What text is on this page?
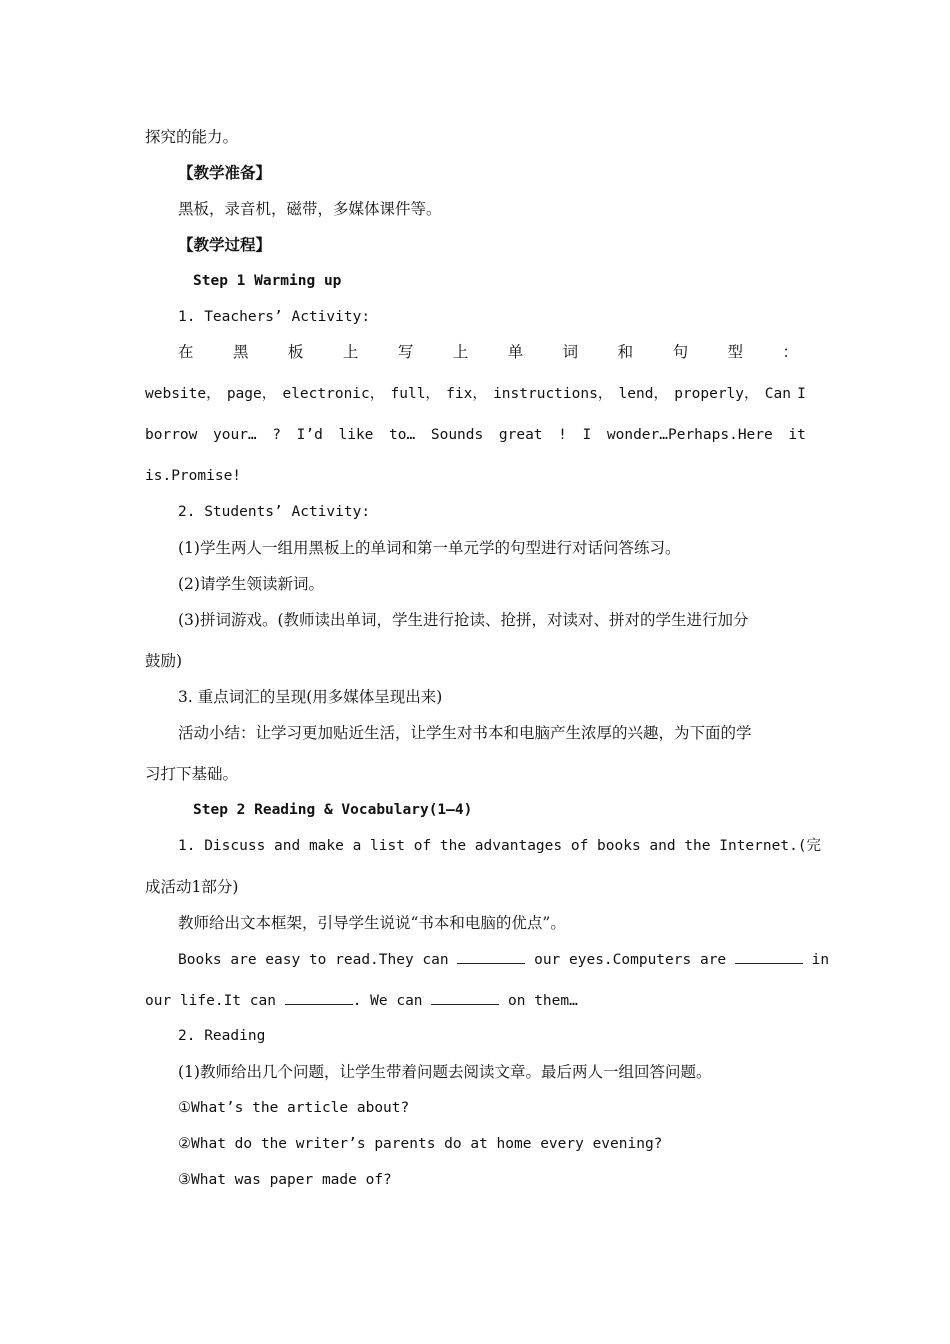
探究的能力。
【教学准备】
黑板，录音机，磁带，多媒体课件等。
【教学过程】
Step 1 Warming up
1. Teachers’ Activity:
在	黑	板	上	写	上	单	词	和	句	型	：
website， page， electronic， full， fix， instructions， lend， properly， Can I
borrow your… ? I’d like to… Sounds great ! I wonder…Perhaps.Here it
is.Promise!
2. Students’ Activity:
(1)学生两人一组用黑板上的单词和第一单元学的句型进行对话问答练习。
(2)请学生领读新词。
(3)拼词游戏。(教师读出单词，学生进行抢读、抢拼，对读对、拼对的学生进行加分
鼓励)
3. 重点词汇的呈现(用多媒体呈现出来)
活动小结：让学习更加贴近生活，让学生对书本和电脑产生浓厚的兴趣，为下面的学
习打下基础。
Step 2 Reading & Vocabulary(1—4)
1. Discuss and make a list of the advantages of books and the Internet.(完
成活动1部分)
教师给出文本框架，引导学生说说“书本和电脑的优点”。
Books are easy to read.They can	our eyes.Computers are	in
our life.It can	. We can	on them…
2. Reading
(1)教师给出几个问题，让学生带着问题去阅读文章。最后两人一组回答问题。
①What’s the article about?
②What do the writer’s parents do at home every evening?
③What was paper made of?
